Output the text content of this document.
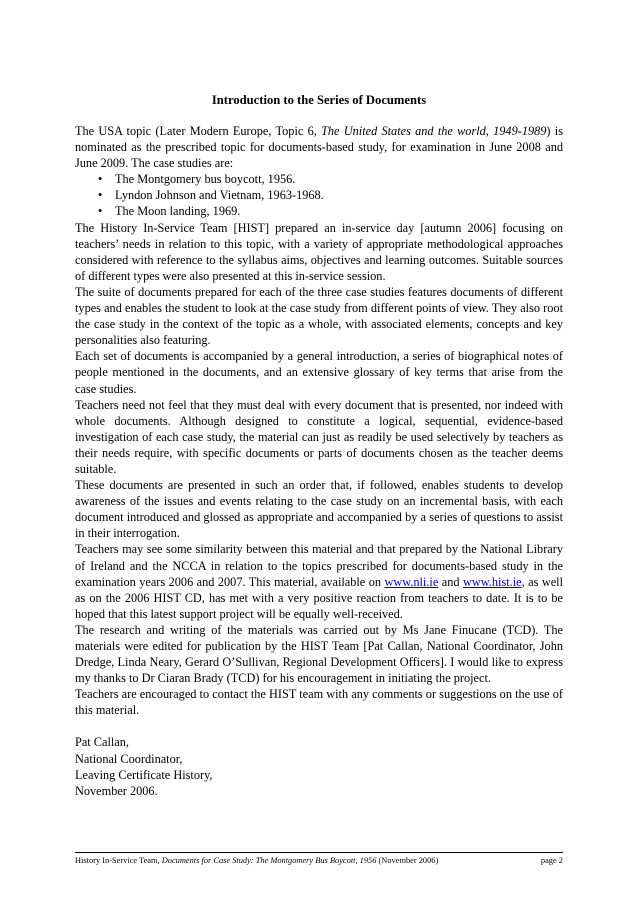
Introduction to the Series of Documents

The USA topic (Later Modern Europe, Topic 6, The United States and the world, 1949-1989) is nominated as the prescribed topic for documents-based study, for examination in June 2008 and June 2009. The case studies are:

• The Montgomery bus boycott, 1956.
• Lyndon Johnson and Vietnam, 1963-1968.
• The Moon landing, 1969.

The History In-Service Team [HIST] prepared an in-service day [autumn 2006] focusing on teachers’ needs in relation to this topic, with a variety of appropriate methodological approaches considered with reference to the syllabus aims, objectives and learning outcomes. Suitable sources of different types were also presented at this in-service session.

The suite of documents prepared for each of the three case studies features documents of different types and enables the student to look at the case study from different points of view. They also root the case study in the context of the topic as a whole, with associated elements, concepts and key personalities also featuring.

Each set of documents is accompanied by a general introduction, a series of biographical notes of people mentioned in the documents, and an extensive glossary of key terms that arise from the case studies.

Teachers need not feel that they must deal with every document that is presented, nor indeed with whole documents. Although designed to constitute a logical, sequential, evidence-based investigation of each case study, the material can just as readily be used selectively by teachers as their needs require, with specific documents or parts of documents chosen as the teacher deems suitable.

These documents are presented in such an order that, if followed, enables students to develop awareness of the issues and events relating to the case study on an incremental basis, with each document introduced and glossed as appropriate and accompanied by a series of questions to assist in their interrogation.

Teachers may see some similarity between this material and that prepared by the National Library of Ireland and the NCCA in relation to the topics prescribed for documents-based study in the examination years 2006 and 2007. This material, available on www.nli.ie and www.hist.ie, as well as on the 2006 HIST CD, has met with a very positive reaction from teachers to date. It is to be hoped that this latest support project will be equally well-received.

The research and writing of the materials was carried out by Ms Jane Finucane (TCD). The materials were edited for publication by the HIST Team [Pat Callan, National Coordinator, John Dredge, Linda Neary, Gerard O’Sullivan, Regional Development Officers]. I would like to express my thanks to Dr Ciaran Brady (TCD) for his encouragement in initiating the project.

Teachers are encouraged to contact the HIST team with any comments or suggestions on the use of this material.

Pat Callan,
National Coordinator,
Leaving Certificate History,
November 2006.
History In-Service Team, Documents for Case Study: The Montgomery Bus Boycott, 1956 (November 2006)	page 2
